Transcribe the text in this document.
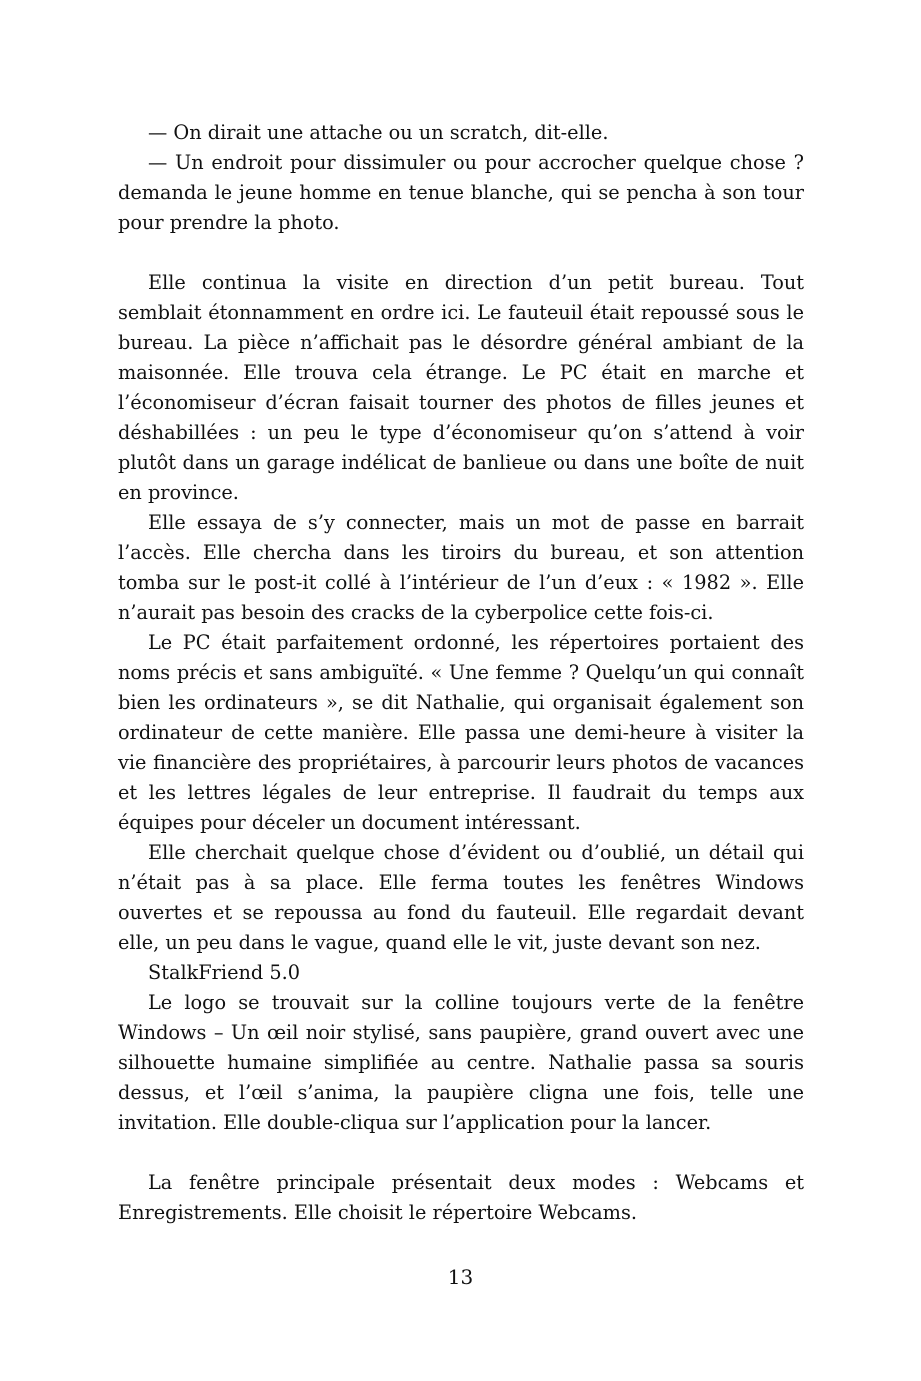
— On dirait une attache ou un scratch, dit-elle.

— Un endroit pour dissimuler ou pour accrocher quelque chose ? demanda le jeune homme en tenue blanche, qui se pencha à son tour pour prendre la photo.

Elle continua la visite en direction d’un petit bureau. Tout semblait étonnamment en ordre ici. Le fauteuil était repoussé sous le bureau. La pièce n’affichait pas le désordre général ambiant de la maisonnée. Elle trouva cela étrange. Le PC était en marche et l’économiseur d’écran faisait tourner des photos de filles jeunes et déshabillées : un peu le type d’économiseur qu’on s’attend à voir plutôt dans un garage indélicat de banlieue ou dans une boîte de nuit en province.

Elle essaya de s’y connecter, mais un mot de passe en barrait l’accès. Elle chercha dans les tiroirs du bureau, et son attention tomba sur le post-it collé à l’intérieur de l’un d’eux : « 1982 ». Elle n’aurait pas besoin des cracks de la cyberpolice cette fois-ci.

Le PC était parfaitement ordonné, les répertoires portaient des noms précis et sans ambiguïté. « Une femme ? Quelqu’un qui connaît bien les ordinateurs », se dit Nathalie, qui organisait également son ordinateur de cette manière. Elle passa une demi-heure à visiter la vie financière des propriétaires, à parcourir leurs photos de vacances et les lettres légales de leur entreprise. Il faudrait du temps aux équipes pour déceler un document intéressant.

Elle cherchait quelque chose d’évident ou d’oublié, un détail qui n’était pas à sa place. Elle ferma toutes les fenêtres Windows ouvertes et se repoussa au fond du fauteuil. Elle regardait devant elle, un peu dans le vague, quand elle le vit, juste devant son nez.

StalkFriend 5.0

Le logo se trouvait sur la colline toujours verte de la fenêtre Windows – Un œil noir stylisé, sans paupière, grand ouvert avec une silhouette humaine simplifiée au centre. Nathalie passa sa souris dessus, et l’œil s’anima, la paupière cligna une fois, telle une invitation. Elle double-cliqua sur l’application pour la lancer.

La fenêtre principale présentait deux modes : Webcams et Enregistrements. Elle choisit le répertoire Webcams.

13
